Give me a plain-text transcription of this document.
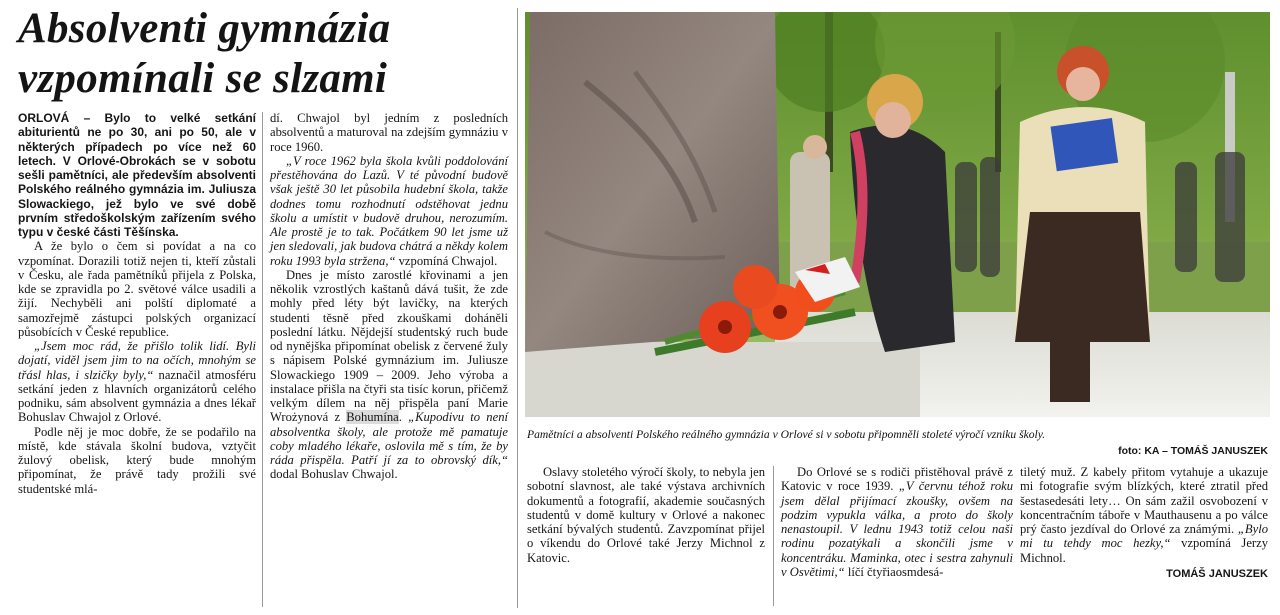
Absolventi gymnázia
vzpomínali se slzami

ORLOVÁ – Bylo to velké setkání abiturientů ne po 30, ani po 50, ale v některých případech po více než 60 letech. V Orlové-Obrokách se v sobotu sešli pamětníci, ale především absolventi Polského reálného gymnázia im. Juliusza Slowackiego, jež bylo ve své době prvním středoškolským zařízením svého typu v české části Těšínska.

A že bylo o čem si povídat a na co vzpomínat. Dorazili totiž nejen ti, kteří zůstali v Česku, ale řada pamětníků přijela z Polska, kde se zpravidla po 2. světové válce usadili a žijí. Nechyběli ani polští diplomaté a samozřejmě zástupci polských organizací působících v České republice.

„Jsem moc rád, že přišlo tolik lidí. Byli dojatí, viděl jsem jim to na očích, mnohým se třásl hlas, i slzičky byly,“ naznačil atmosféru setkání jeden z hlavních organizátorů celého podniku, sám absolvent gymnázia a dnes lékař Bohuslav Chwajol z Orlové.

Podle něj je moc dobře, že se podařilo na místě, kde stávala školní budova, vztyčit žulový obelisk, který bude mnohým připomínat, že právě tady prožili své studentské mlá-

dí. Chwajol byl jedním z posledních absolventů a maturoval na zdejším gymnáziu v roce 1960.

„V roce 1962 byla škola kvůli poddolování přestěhována do Lazů. V té původní budově však ještě 30 let působila hudební škola, takže dodnes tomu rozhodnutí odstěhovat jednu školu a umístit v budově druhou, nerozumím. Ale prostě je to tak. Počátkem 90 let jsme už jen sledovali, jak budova chátrá a někdy kolem roku 1993 byla stržena,“ vzpomíná Chwajol.

Dnes je místo zarostlé křovinami a jen několik vzrostlých kaštanů dává tušit, že zde mohly před léty být lavičky, na kterých studenti těsně před zkouškami doháněli poslední látku. Nějdejší studentský ruch bude od nynějška připomínat obelisk z červené žuly s nápisem Polské gymnázium im. Juliusze Slowackiego 1909 – 2009. Jeho výroba a instalace přišla na čtyři sta tisíc korun, přičemž velkým dílem na něj přispěla paní Marie Wrożynová z Bohumína. „Kupodivu to není absolventka školy, ale protože mě pamatuje coby mladého lékaře, oslovila mě s tím, že by ráda přispěla. Patří jí za to obrovský dík,“ dodal Bohuslav Chwajol.

Pamětníci a absolventi Polského reálného gymnázia v Orlové si v sobotu připomněli stoleté výročí vzniku školy.
foto: KA – TOMÁŠ JANUSZEK

Oslavy stoletého výročí školy, to nebyla jen sobotní slavnost, ale také výstava archivních dokumentů a fotografií, akademie současných studentů v domě kultury v Orlové a nakonec setkání bývalých studentů. Zavzpomínat přijel o víkendu do Orlové také Jerzy Michnol z Katovic.

Do Orlové se s rodiči přistěhoval právě z Katovic v roce 1939. „V červnu téhož roku jsem dělal přijímací zkoušky, ovšem na podzim vypukla válka, a proto do školy nenastoupil. V lednu 1943 totiž celou naši rodinu pozatýkali a skončili jsme v koncentráku. Maminka, otec i sestra zahynuli v Osvětimi,“ líčí čtyřiaosmdesá-

tiletý muž. Z kabely přitom vytahuje a ukazuje mi fotografie svým blízkých, které ztratil před šestasedesáti lety… On sám zažil osvobození v koncentračním táboře v Mauthausenu a po válce prý často jezdíval do Orlové za známými. „Bylo mi tu tehdy moc hezky,“ vzpomíná Jerzy Michnol.

TOMÁŠ JANUSZEK
